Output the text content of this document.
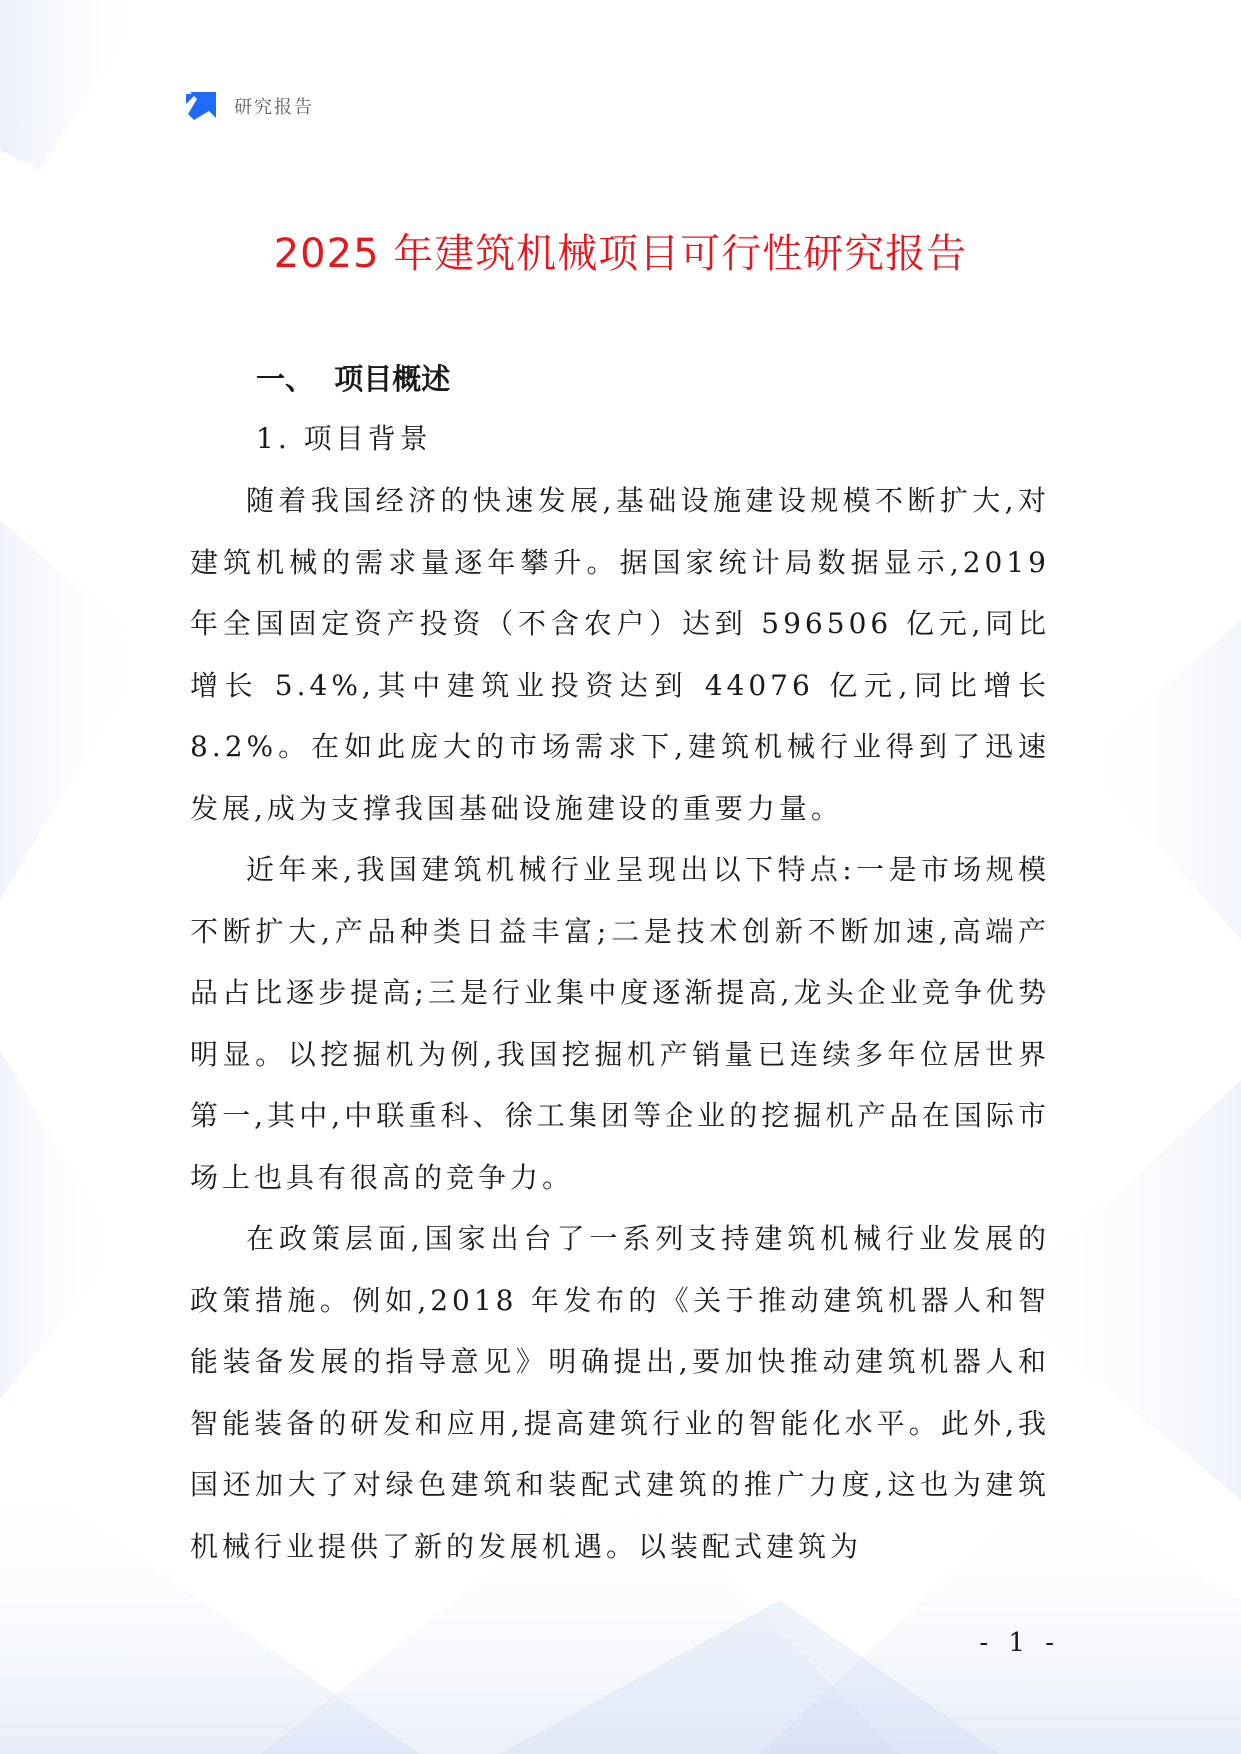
研究报告
2025 年建筑机械项目可行性研究报告
一、  项目概述
1. 项目背景

随着我国经济的快速发展,基础设施建设规模不断扩大,对建筑机械的需求量逐年攀升。据国家统计局数据显示,2019 年全国固定资产投资（不含农户）达到 596506 亿元,同比增长 5.4%,其中建筑业投资达到 44076 亿元,同比增长 8.2%。在如此庞大的市场需求下,建筑机械行业得到了迅速发展,成为支撑我国基础设施建设的重要力量。

近年来,我国建筑机械行业呈现出以下特点:一是市场规模不断扩大,产品种类日益丰富;二是技术创新不断加速,高端产品占比逐步提高;三是行业集中度逐渐提高,龙头企业竞争优势明显。以挖掘机为例,我国挖掘机产销量已连续多年位居世界第一,其中,中联重科、徐工集团等企业的挖掘机产品在国际市场上也具有很高的竞争力。

在政策层面,国家出台了一系列支持建筑机械行业发展的政策措施。例如,2018 年发布的《关于推动建筑机器人和智能装备发展的指导意见》明确提出,要加快推动建筑机器人和智能装备的研发和应用,提高建筑行业的智能化水平。此外,我国还加大了对绿色建筑和装配式建筑的推广力度,这也为建筑机械行业提供了新的发展机遇。以装配式建筑为

- 1 -
